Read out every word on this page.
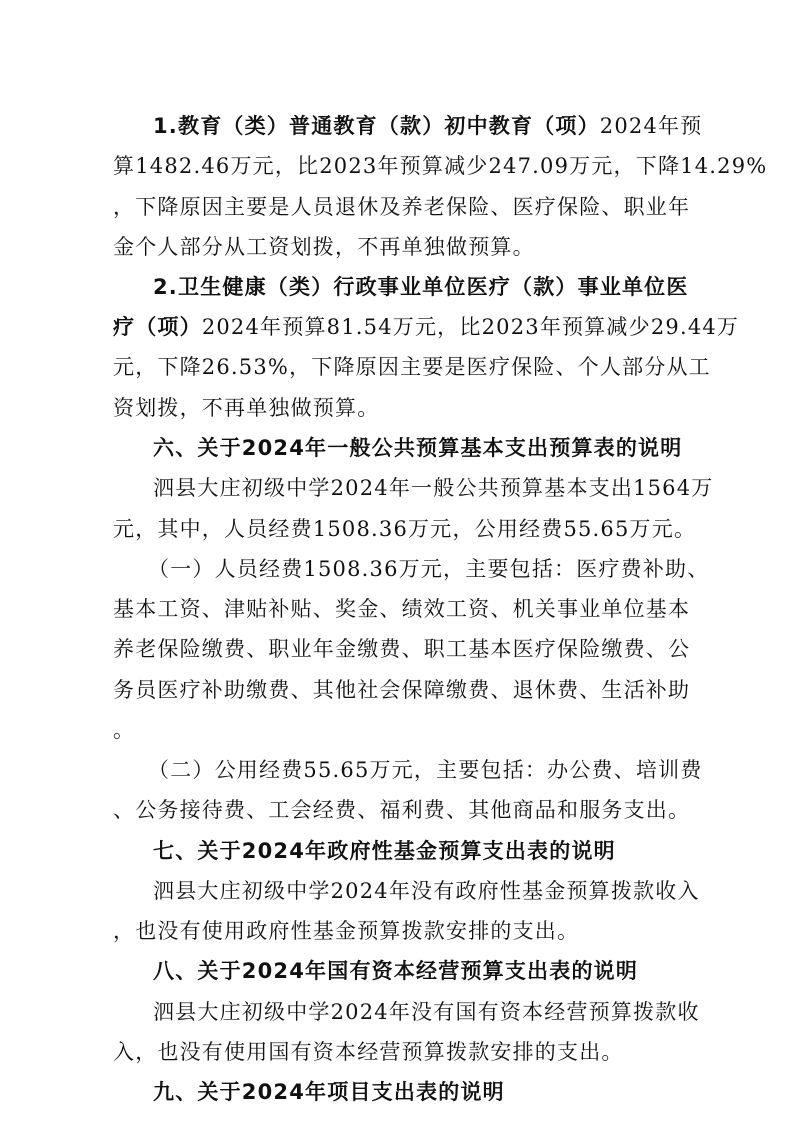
1.教育（类）普通教育（款）初中教育（项）2024年预
算1482.46万元，比2023年预算减少247.09万元，下降14.29%
，下降原因主要是人员退休及养老保险、医疗保险、职业年
金个人部分从工资划拨，不再单独做预算。
2.卫生健康（类）行政事业单位医疗（款）事业单位医
疗（项）2024年预算81.54万元，比2023年预算减少29.44万
元，下降26.53%，下降原因主要是医疗保险、个人部分从工
资划拨，不再单独做预算。
六、关于2024年一般公共预算基本支出预算表的说明
泗县大庄初级中学2024年一般公共预算基本支出1564万
元，其中，人员经费1508.36万元，公用经费55.65万元。
（一）人员经费1508.36万元，主要包括：医疗费补助、
基本工资、津贴补贴、奖金、绩效工资、机关事业单位基本
养老保险缴费、职业年金缴费、职工基本医疗保险缴费、公
务员医疗补助缴费、其他社会保障缴费、退休费、生活补助
。
（二）公用经费55.65万元，主要包括：办公费、培训费
、公务接待费、工会经费、福利费、其他商品和服务支出。
七、关于2024年政府性基金预算支出表的说明
泗县大庄初级中学2024年没有政府性基金预算拨款收入
，也没有使用政府性基金预算拨款安排的支出。
八、关于2024年国有资本经营预算支出表的说明
泗县大庄初级中学2024年没有国有资本经营预算拨款收
入，也没有使用国有资本经营预算拨款安排的支出。
九、关于2024年项目支出表的说明
